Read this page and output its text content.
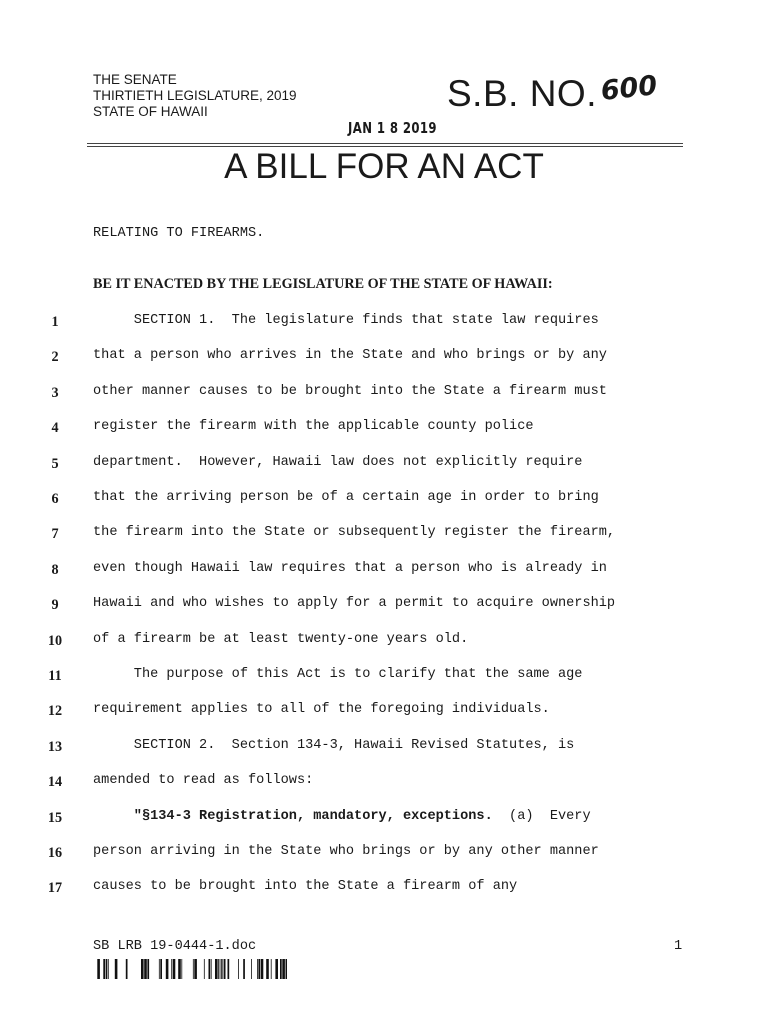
THE SENATE
THIRTIETH LEGISLATURE, 2019
STATE OF HAWAII	S.B. NO. 600
JAN 1 8 2019
A BILL FOR AN ACT
RELATING TO FIREARMS.
BE IT ENACTED BY THE LEGISLATURE OF THE STATE OF HAWAII:
1	SECTION 1.  The legislature finds that state law requires
2	that a person who arrives in the State and who brings or by any
3	other manner causes to be brought into the State a firearm must
4	register the firearm with the applicable county police
5	department.  However, Hawaii law does not explicitly require
6	that the arriving person be of a certain age in order to bring
7	the firearm into the State or subsequently register the firearm,
8	even though Hawaii law requires that a person who is already in
9	Hawaii and who wishes to apply for a permit to acquire ownership
10	of a firearm be at least twenty-one years old.
11	The purpose of this Act is to clarify that the same age
12	requirement applies to all of the foregoing individuals.
13	SECTION 2.  Section 134-3, Hawaii Revised Statutes, is
14	amended to read as follows:
15	"§134-3 Registration, mandatory, exceptions.  (a)  Every
16	person arriving in the State who brings or by any other manner
17	causes to be brought into the State a firearm of any
SB LRB 19-0444-1.doc	1
